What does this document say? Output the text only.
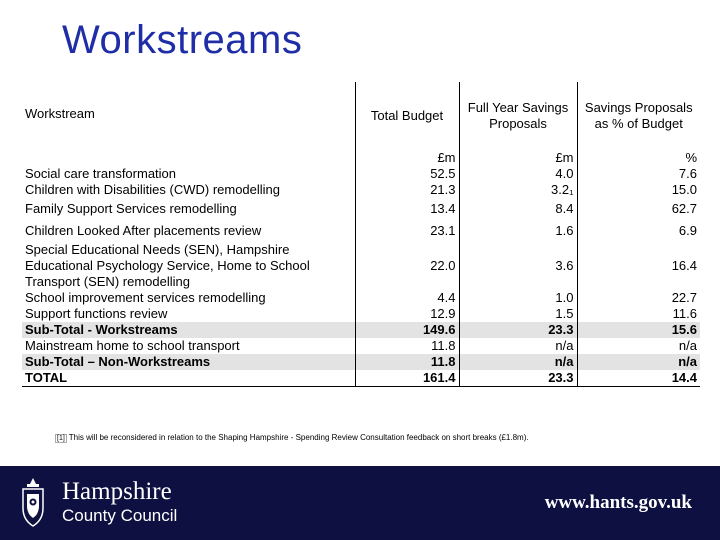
Workstreams
Workstream	Total Budget	Full Year Savings Proposals	Savings Proposals as % of Budget
	£m	£m	%
Social care transformation	52.5	4.0	7.6
Children with Disabilities (CWD) remodelling	21.3	3.2₁	15.0
Family Support Services remodelling	13.4	8.4	62.7
Children Looked After placements review	23.1	1.6	6.9
Special Educational Needs (SEN), Hampshire Educational Psychology Service, Home to School Transport (SEN) remodelling	22.0	3.6	16.4
School improvement services remodelling	4.4	1.0	22.7
Support functions review	12.9	1.5	11.6
Sub-Total - Workstreams	149.6	23.3	15.6
Mainstream home to school transport	11.8	n/a	n/a
Sub-Total – Non-Workstreams	11.8	n/a	n/a
TOTAL	161.4	23.3	14.4
[1] This will be reconsidered in relation to the Shaping Hampshire - Spending Review Consultation feedback on short breaks (£1.8m).
Hampshire
County Council
www.hants.gov.uk
